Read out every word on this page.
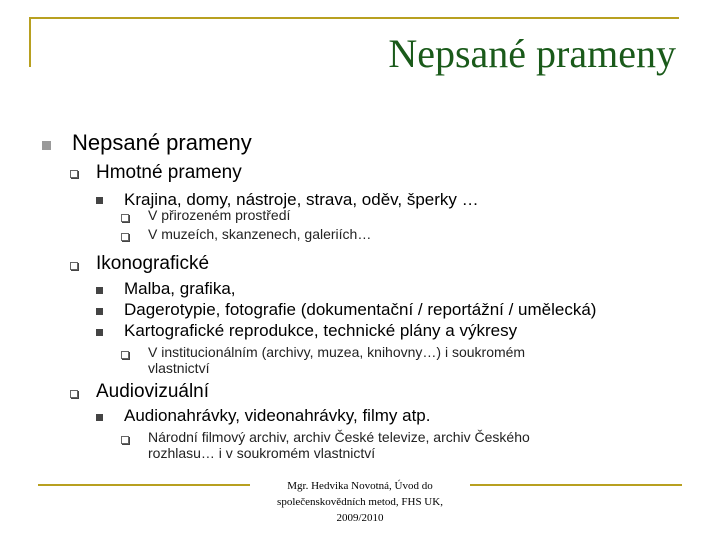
Nepsané prameny
Nepsané prameny
Hmotné prameny
Krajina, domy, nástroje, strava, oděv, šperky …
V přirozeném prostředí
V muzeích, skanzenech, galeriích…
Ikonografické
Malba, grafika,
Dagerotypie, fotografie (dokumentační / reportážní / umělecká)
Kartografické reprodukce, technické plány a výkresy
V institucionálním (archivy, muzea, knihovny…) i soukromém
vlastnictví
Audiovizuální
Audionahrávky, videonahrávky, filmy atp.
Národní filmový archiv, archiv České televize, archiv Českého
rozhlasu… i v soukromém vlastnictví
Mgr. Hedvika Novotná, Úvod do
společenskovědních metod, FHS UK,
2009/2010
